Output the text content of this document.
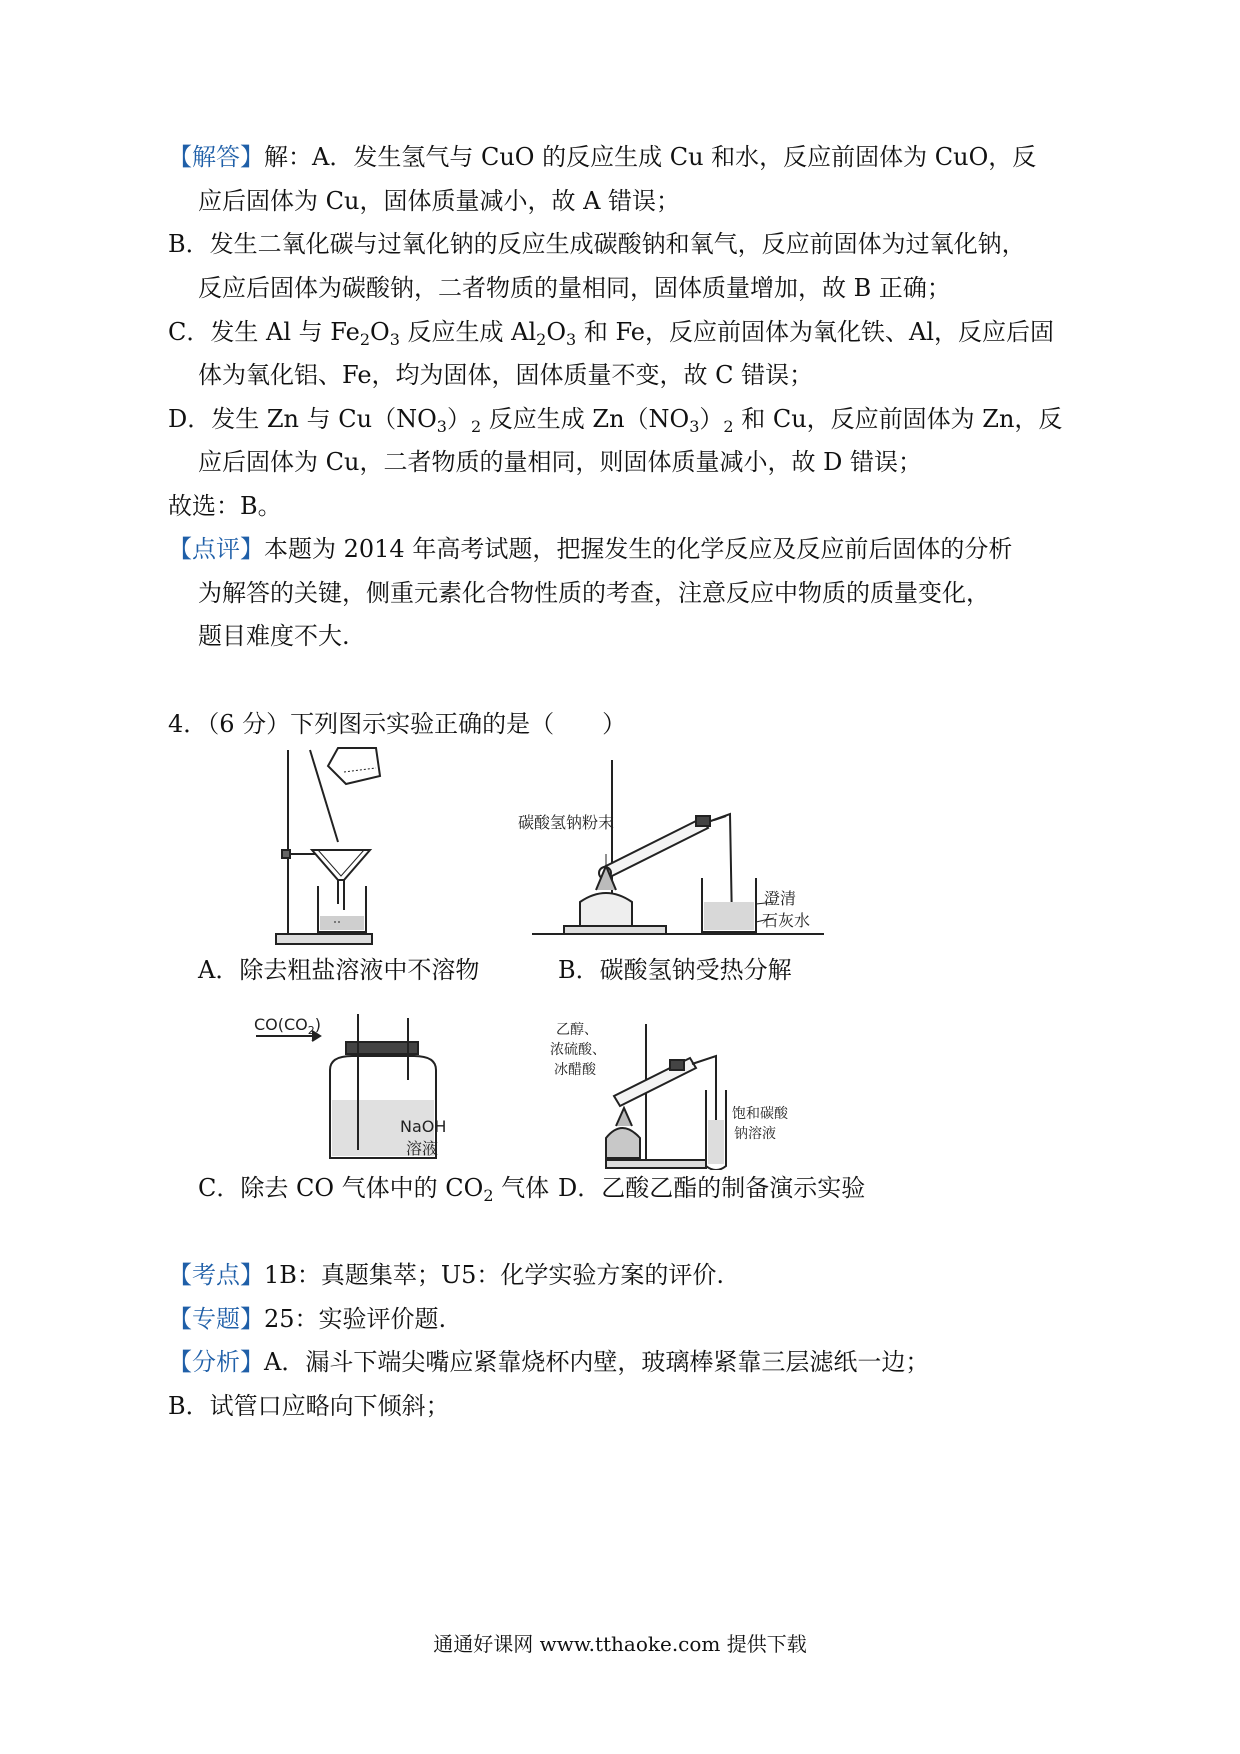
【解答】解：A．发生氢气与 CuO 的反应生成 Cu 和水，反应前固体为 CuO，反
应后固体为 Cu，固体质量减小，故 A 错误；
B．发生二氧化碳与过氧化钠的反应生成碳酸钠和氧气，反应前固体为过氧化钠，
反应后固体为碳酸钠，二者物质的量相同，固体质量增加，故 B 正确；
C．发生 Al 与 $Fe_2O_3$ 反应生成 $Al_2O_3$ 和 Fe，反应前固体为氧化铁、Al，反应后固
体为氧化铝、Fe，均为固体，固体质量不变，故 C 错误；
D．发生 Zn 与 $Cu(NO_3)_2$ 反应生成 $Zn(NO_3)_2$ 和 Cu，反应前固体为 Zn，反
应后固体为 Cu，二者物质的量相同，则固体质量减小，故 D 错误；
故选：B。
【点评】本题为 2014 年高考试题，把握发生的化学反应及反应前后固体的分析
为解答的关键，侧重元素化合物性质的考查，注意反应中物质的质量变化，
题目难度不大.
4．（6 分）下列图示实验正确的是（　　）
A．除去粗盐溶液中不溶物
碳酸氢钠粉末
澄清
石灰水
B．碳酸氢钠受热分解
$CO(CO_2)$
NaOH
溶液
C．除去 CO 气体中的 $CO_2$ 气体
乙醇、
浓硫酸、
冰醋酸
饱和碳酸
钠溶液
D．乙酸乙酯的制备演示实验
【考点】1B：真题集萃；U5：化学实验方案的评价.
【专题】25：实验评价题.
【分析】A．漏斗下端尖嘴应紧靠烧杯内壁，玻璃棒紧靠三层滤纸一边；
B．试管口应略向下倾斜；
通通好课网 www.tthaoke.com 提供下载
